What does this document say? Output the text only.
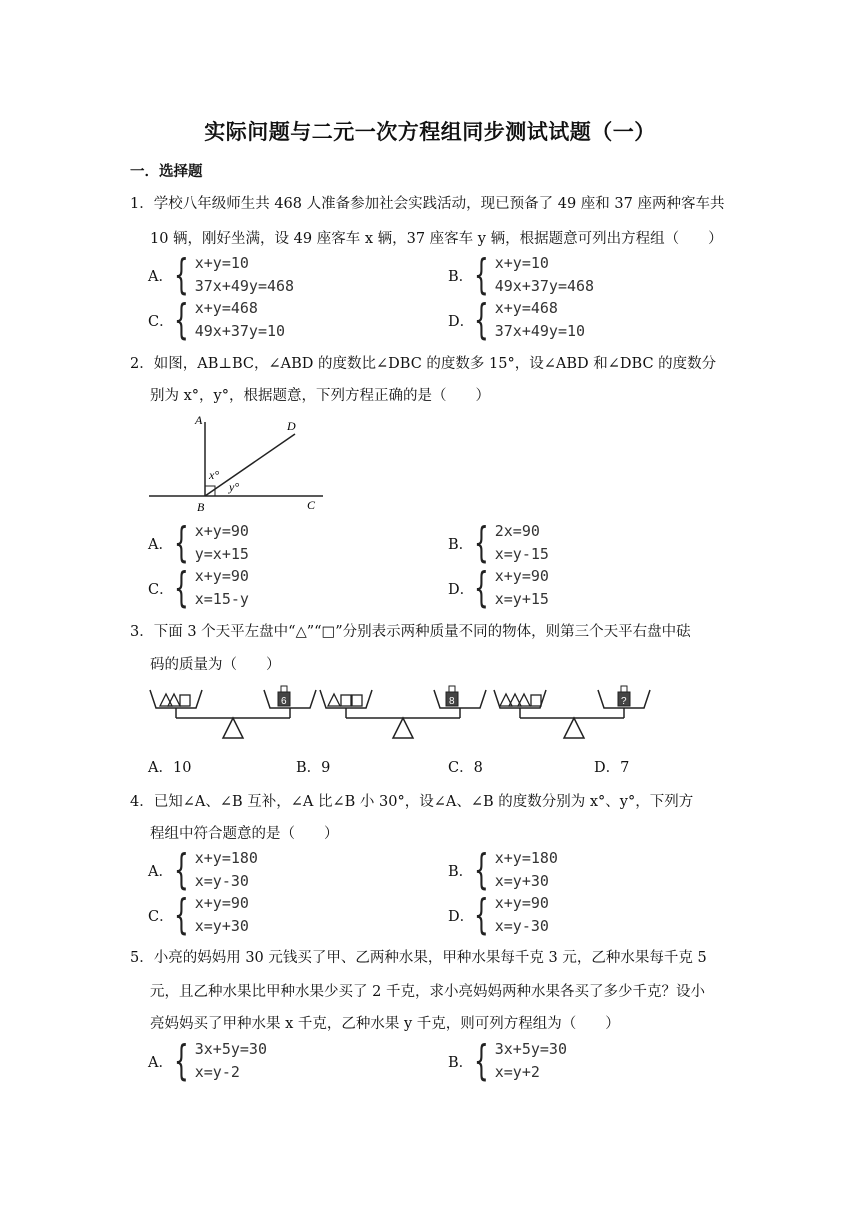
实际问题与二元一次方程组同步测试试题（一）
一．选择题
1．学校八年级师生共 468 人准备参加社会实践活动，现已预备了 49 座和 37 座两种客车共
10 辆，刚好坐满，设 49 座客车 x 辆，37 座客车 y 辆，根据题意可列出方程组（　　）
A． { x+y=10
37x+49y=468
B． { x+y=10
49x+37y=468
C． { x+y=468
49x+37y=10
D． { x+y=468
37x+49y=10
2．如图，AB⊥BC，∠ABD 的度数比∠DBC 的度数多 15°，设∠ABD 和∠DBC 的度数分
别为 x°，y°，根据题意，下列方程正确的是（　　）
A
B	C
D
x°
y°
A． { x+y=90
y=x+15
B． { 2x=90
x=y-15
C． { x+y=90
x=15-y
D． { x+y=90
x=y+15
3．下面 3 个天平左盘中“△”“□”分别表示两种质量不同的物体，则第三个天平右盘中砝
码的质量为（　　）
6	8	?
A．10	B．9	C．8	D．7
4．已知∠A、∠B 互补，∠A 比∠B 小 30°，设∠A、∠B 的度数分别为 x°、y°，下列方
程组中符合题意的是（　　）
A． { x+y=180
x=y-30
B． { x+y=180
x=y+30
C． { x+y=90
x=y+30
D． { x+y=90
x=y-30
5．小亮的妈妈用 30 元钱买了甲、乙两种水果，甲种水果每千克 3 元，乙种水果每千克 5
元，且乙种水果比甲种水果少买了 2 千克，求小亮妈妈两种水果各买了多少千克？设小
亮妈妈买了甲种水果 x 千克，乙种水果 y 千克，则可列方程组为（　　）
A． { 3x+5y=30
x=y-2
B． { 3x+5y=30
x=y+2
